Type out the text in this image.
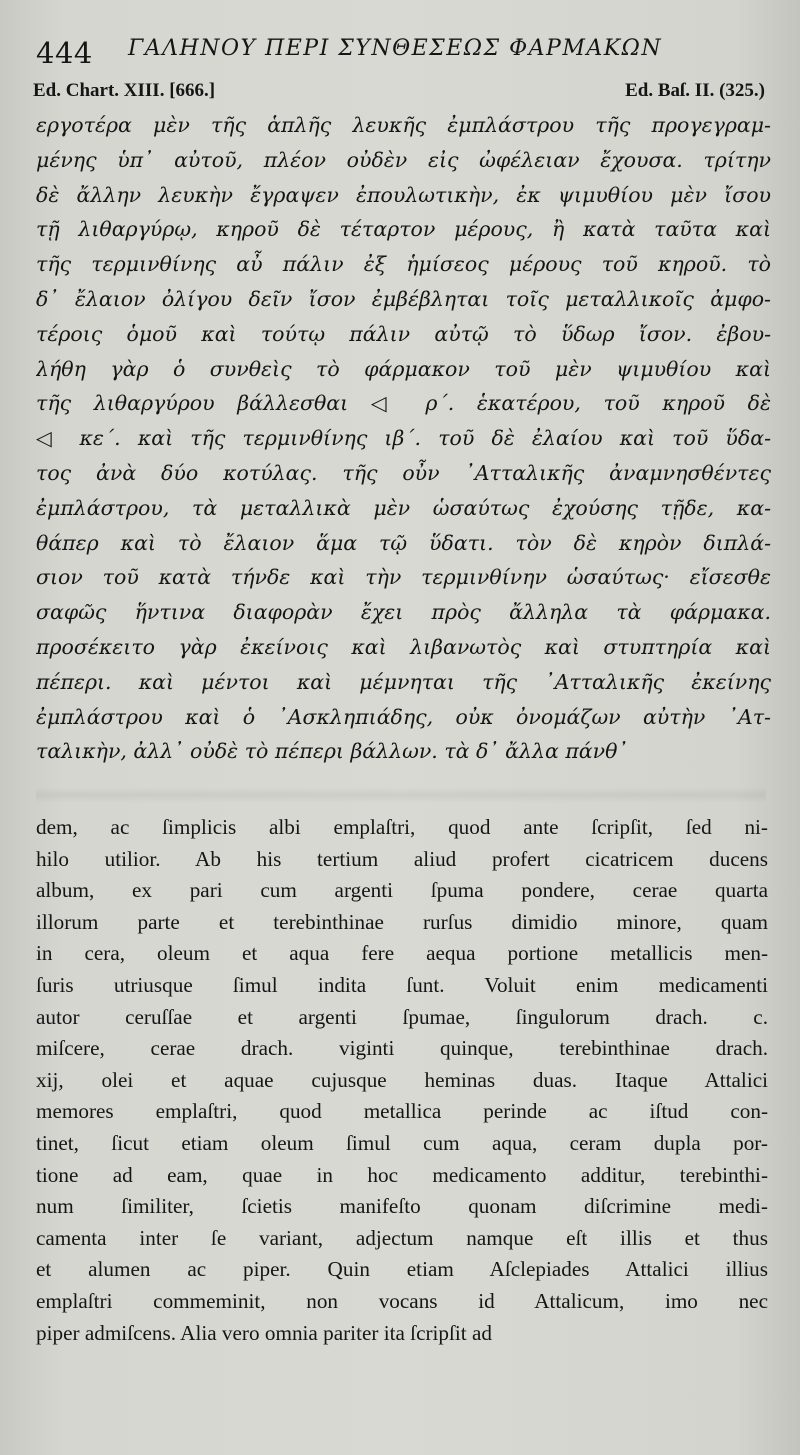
444 ΓΑΛΗΝΟΥ ΠΕΡΙ ΣΥΝΘΕΣΕΩΣ ΦΑΡΜΑΚΩΝ
Ed. Chart. XIII. [666.]	Ed. Baſ. II. (325.)
εργοτέρα μὲν τῆς ἁπλῆς λευκῆς ἐμπλάστρου τῆς προγεγραμ-
μένης ὑπ᾽ αὐτοῦ, πλέον οὐδὲν εἰς ὠφέλειαν ἔχουσα. τρίτην
δὲ ἄλλην λευκὴν ἔγραψεν ἐπουλωτικὴν, ἐκ ψιμυθίου μὲν ἴσου
τῇ λιθαργύρῳ, κηροῦ δὲ τέταρτον μέρους, ἢ κατὰ ταῦτα καὶ
τῆς τερμινθίνης αὖ πάλιν ἐξ ἡμίσεος μέρους τοῦ κηροῦ. τὸ
δ᾽ ἔλαιον ὀλίγου δεῖν ἴσον ἐμβέβληται τοῖς μεταλλικοῖς ἀμφο-
τέροις ὁμοῦ καὶ τούτῳ πάλιν αὐτῷ τὸ ὕδωρ ἴσον. ἐβου-
λήθη γὰρ ὁ συνθεὶς τὸ φάρμακον τοῦ μὲν ψιμυθίου καὶ
τῆς λιθαργύρου βάλλεσθαι ◁ ρ΄. ἑκατέρου, τοῦ κηροῦ δὲ
◁ κε΄. καὶ τῆς τερμινθίνης ιβ΄. τοῦ δὲ ἐλαίου καὶ τοῦ ὕδα-
τος ἀνὰ δύο κοτύλας. τῆς οὖν ᾿Ατταλικῆς ἀναμνησθέντες
ἐμπλάστρου, τὰ μεταλλικὰ μὲν ὡσαύτως ἐχούσης τῇδε, κα-
θάπερ καὶ τὸ ἔλαιον ἅμα τῷ ὕδατι. τὸν δὲ κηρὸν διπλά-
σιον τοῦ κατὰ τήνδε καὶ τὴν τερμινθίνην ὡσαύτως· εἴσεσθε
σαφῶς ἥντινα διαφορὰν ἔχει πρὸς ἄλληλα τὰ φάρμακα.
προσέκειτο γὰρ ἐκείνοις καὶ λιβανωτὸς καὶ στυπτηρία καὶ
πέπερι. καὶ μέντοι καὶ μέμνηται τῆς ᾿Ατταλικῆς ἐκείνης
ἐμπλάστρου καὶ ὁ ᾿Ασκληπιάδης, οὐκ ὀνομάζων αὐτὴν ᾿Ατ-
ταλικὴν, ἀλλ᾽ οὐδὲ τὸ πέπερι βάλλων. τὰ δ᾽ ἄλλα πάνθ᾽
dem, ac ſimplicis albi emplaſtri, quod ante ſcripſit, ſed ni-
hilo utilior. Ab his tertium aliud profert cicatricem ducens
album, ex pari cum argenti ſpuma pondere, cerae quarta
illorum parte et terebinthinae rurſus dimidio minore, quam
in cera, oleum et aqua fere aequa portione metallicis men-
ſuris utriusque ſimul indita ſunt. Voluit enim medicamenti
autor ceruſſae et argenti ſpumae, ſingulorum drach. c.
miſcere, cerae drach. viginti quinque, terebinthinae drach.
xij, olei et aquae cujusque heminas duas. Itaque Attalici
memores emplaſtri, quod metallica perinde ac iſtud con-
tinet, ſicut etiam oleum ſimul cum aqua, ceram dupla por-
tione ad eam, quae in hoc medicamento additur, terebinthi-
num ſimiliter, ſcietis manifeſto quonam diſcrimine medi-
camenta inter ſe variant, adjectum namque eſt illis et thus
et alumen ac piper. Quin etiam Aſclepiades Attalici illius
emplaſtri commeminit, non vocans id Attalicum, imo nec
piper admiſcens. Alia vero omnia pariter ita ſcripſit ad
